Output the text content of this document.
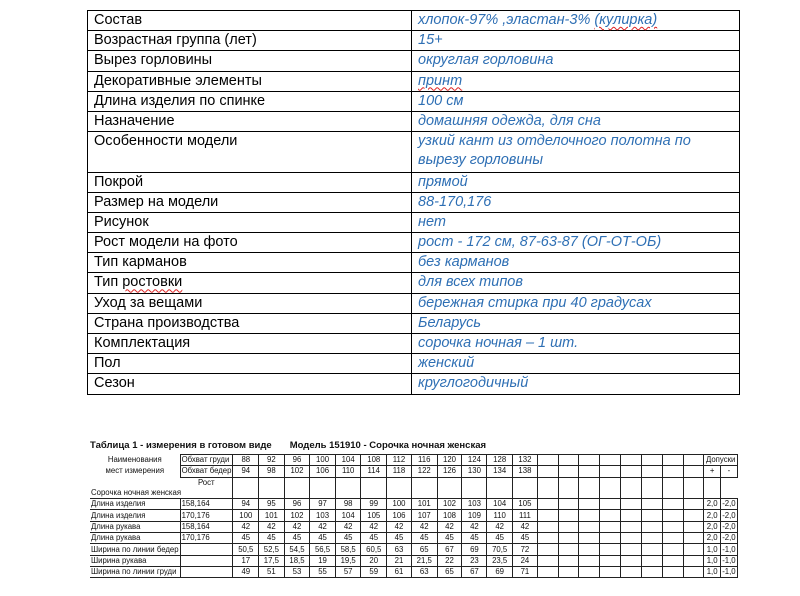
Состав	хлопок-97% ,эластан-3% (кулирка)
Возрастная группа (лет)	15+
Вырез горловины	округлая горловина
Декоративные элементы	принт
Длина изделия по спинке	100 см
Назначение	домашняя одежда, для сна
Особенности модели	узкий кант из отделочного полотна по вырезу горловины
Покрой	прямой
Размер на модели	88-170,176
Рисунок	нет
Рост модели на фото	рост - 172 см, 87-63-87 (ОГ-ОТ-ОБ)
Тип карманов	без карманов
Тип ростовки	для всех типов
Уход за вещами	бережная стирка при 40 градусах
Страна производства	Беларусь
Комплектация	сорочка ночная – 1 шт.
Пол	женский
Сезон	круглогодичный
Таблица 1 - измерения в готовом виде Модель 151910 - Сорочка ночная женская
Наименования	Обхват груди	88	92	96	100	104	108	112	116	120	124	128	132									Допуски	
мест измерения	Обхват бедер	94	98	102	106	110	114	118	122	126	130	134	138									+	-
	Рост																						
Сорочка ночная женская																							
Длина изделия	158,164	94	95	96	97	98	99	100	101	102	103	104	105									2,0	-2,0
Длина изделия	170,176	100	101	102	103	104	105	106	107	108	109	110	111									2,0	-2,0
Длина рукава	158,164	42	42	42	42	42	42	42	42	42	42	42	42									2,0	-2,0
Длина рукава	170,176	45	45	45	45	45	45	45	45	45	45	45	45									2,0	-2,0
Ширина по линии бедер		50,5	52,5	54,5	56,5	58,5	60,5	63	65	67	69	70,5	72									1,0	-1,0
Ширина рукава		17	17,5	18,5	19	19,5	20	21	21,5	22	23	23,5	24									1,0	-1,0
Ширина по линии груди		49	51	53	55	57	59	61	63	65	67	69	71									1,0	-1,0
